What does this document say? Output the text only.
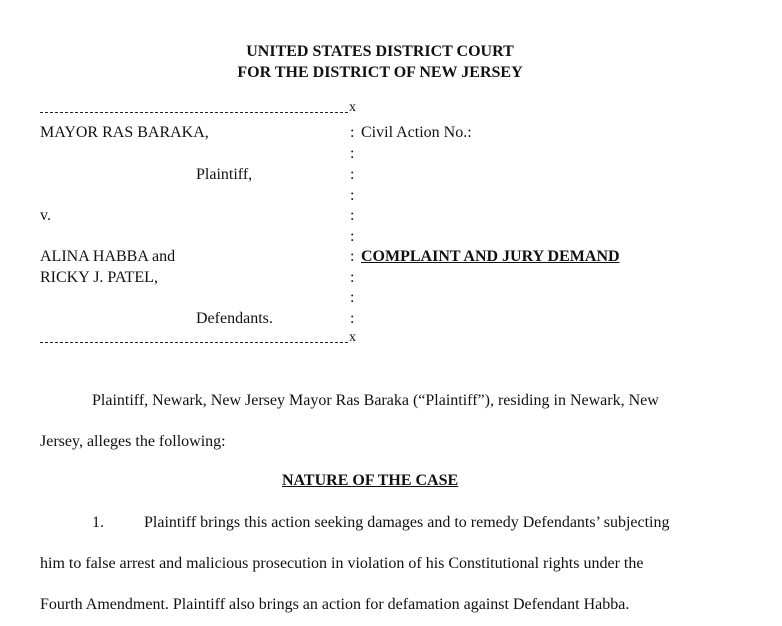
UNITED STATES DISTRICT COURT
FOR THE DISTRICT OF NEW JERSEY
x
MAYOR RAS BARAKA,
Plaintiff,
v.
ALINA HABBA and
RICKY J. PATEL,
Defendants.
:
:
:
:
:
:
:
:
:
:
Civil Action No.:
COMPLAINT AND JURY DEMAND
x
Plaintiff, Newark, New Jersey Mayor Ras Baraka (“Plaintiff”), residing in Newark, New
Jersey, alleges the following:
NATURE OF THE CASE
1.	Plaintiff brings this action seeking damages and to remedy Defendants’ subjecting
him to false arrest and malicious prosecution in violation of his Constitutional rights under the
Fourth Amendment. Plaintiff also brings an action for defamation against Defendant Habba.
